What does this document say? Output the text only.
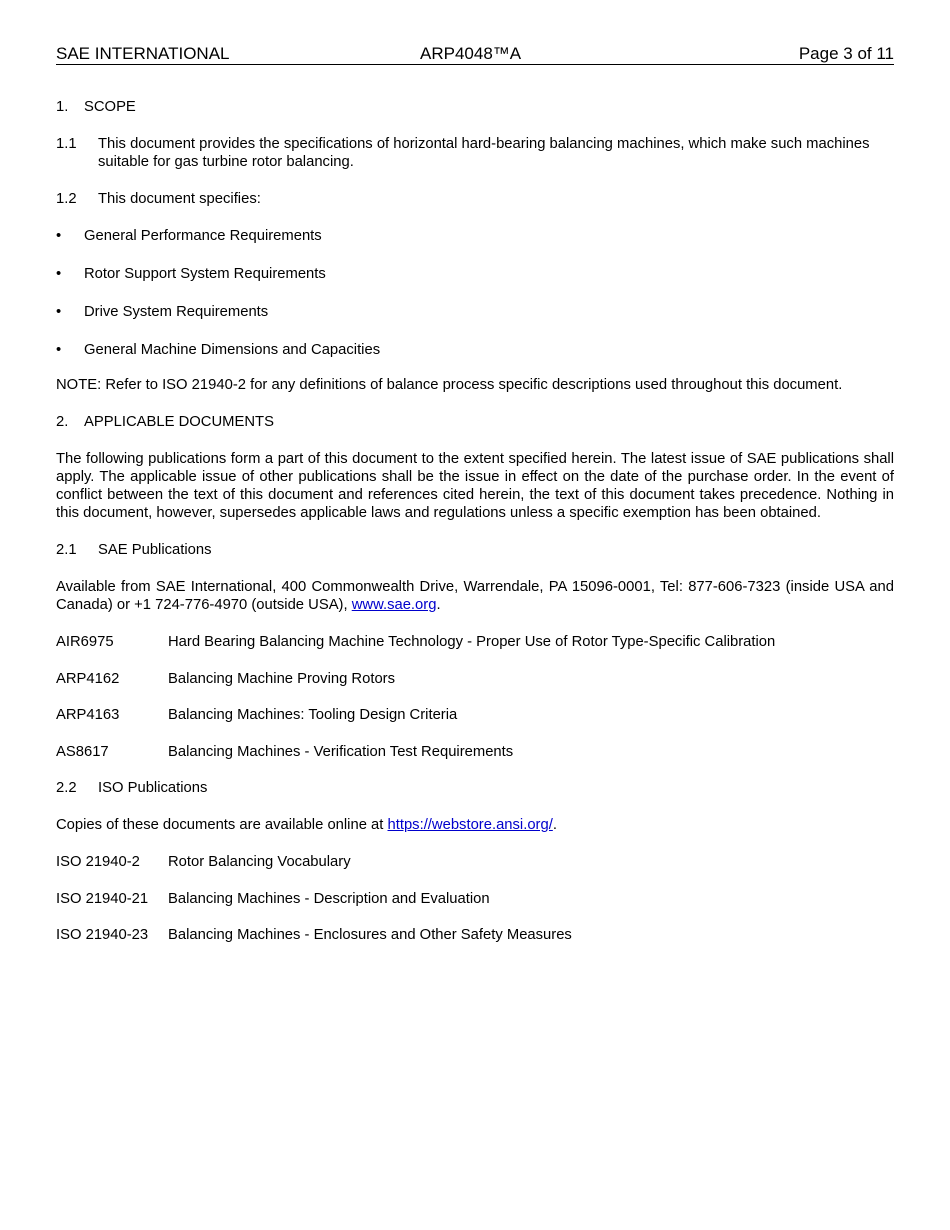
SAE INTERNATIONAL	ARP4048™A	Page 3 of 11
1.	SCOPE
1.1	This document provides the specifications of horizontal hard-bearing balancing machines, which make such machines suitable for gas turbine rotor balancing.
1.2	This document specifies:
•	General Performance Requirements
•	Rotor Support System Requirements
•	Drive System Requirements
•	General Machine Dimensions and Capacities

NOTE: Refer to ISO 21940-2 for any definitions of balance process specific descriptions used throughout this document.

2.	APPLICABLE DOCUMENTS

The following publications form a part of this document to the extent specified herein. The latest issue of SAE publications shall apply. The applicable issue of other publications shall be the issue in effect on the date of the purchase order. In the event of conflict between the text of this document and references cited herein, the text of this document takes precedence. Nothing in this document, however, supersedes applicable laws and regulations unless a specific exemption has been obtained.

2.1	SAE Publications

Available from SAE International, 400 Commonwealth Drive, Warrendale, PA 15096-0001, Tel: 877-606-7323 (inside USA and Canada) or +1 724-776-4970 (outside USA), www.sae.org.

AIR6975	Hard Bearing Balancing Machine Technology - Proper Use of Rotor Type-Specific Calibration
ARP4162	Balancing Machine Proving Rotors
ARP4163	Balancing Machines: Tooling Design Criteria
AS8617	Balancing Machines - Verification Test Requirements
2.2	ISO Publications

Copies of these documents are available online at https://webstore.ansi.org/.

ISO 21940-2	Rotor Balancing Vocabulary
ISO 21940-21	Balancing Machines - Description and Evaluation
ISO 21940-23	Balancing Machines - Enclosures and Other Safety Measures
